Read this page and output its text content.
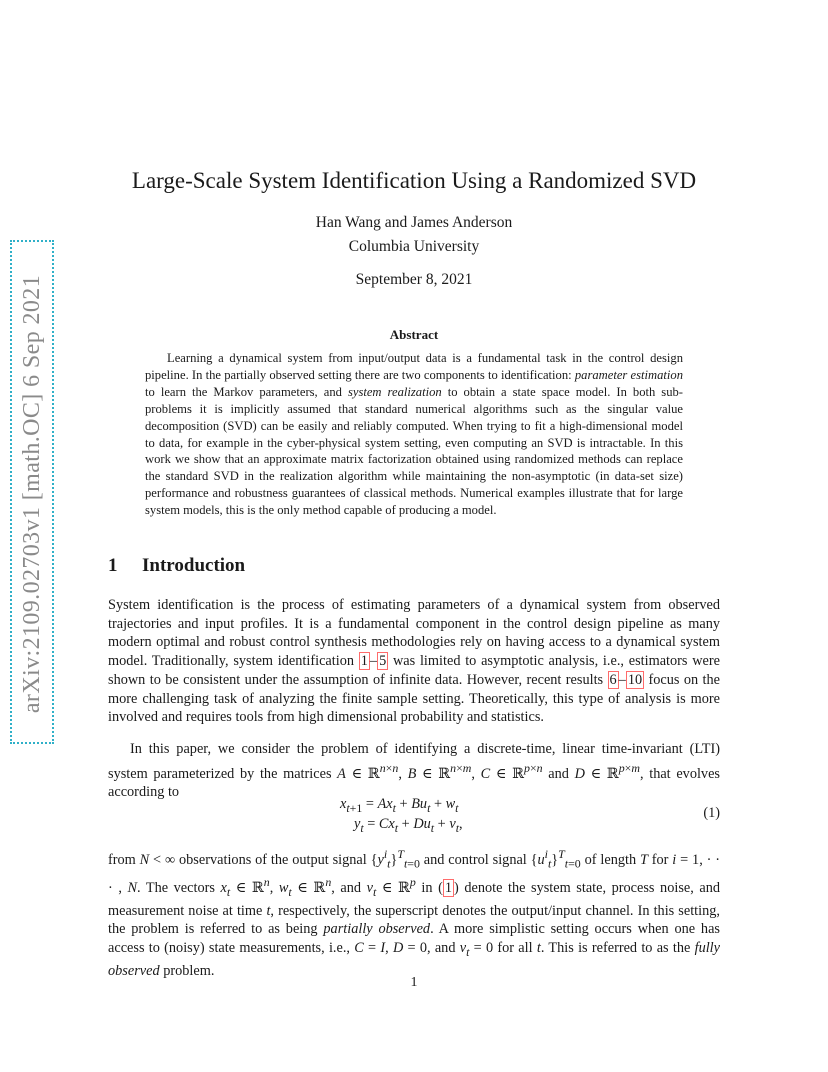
arXiv:2109.02703v1 [math.OC] 6 Sep 2021
Large-Scale System Identification Using a Randomized SVD
Han Wang and James Anderson
Columbia University
September 8, 2021
Abstract
Learning a dynamical system from input/output data is a fundamental task in the control design pipeline. In the partially observed setting there are two components to identification: parameter estimation to learn the Markov parameters, and system realization to obtain a state space model. In both sub-problems it is implicitly assumed that standard numerical algorithms such as the singular value decomposition (SVD) can be easily and reliably computed. When trying to fit a high-dimensional model to data, for example in the cyber-physical system setting, even computing an SVD is intractable. In this work we show that an approximate matrix factorization obtained using randomized methods can replace the standard SVD in the realization algorithm while maintaining the non-asymptotic (in data-set size) performance and robustness guarantees of classical methods. Numerical examples illustrate that for large system models, this is the only method capable of producing a model.
1 Introduction
System identification is the process of estimating parameters of a dynamical system from observed trajectories and input profiles. It is a fundamental component in the control design pipeline as many modern optimal and robust control synthesis methodologies rely on having access to a dynamical system model. Traditionally, system identification 1 – 5 was limited to asymptotic analysis, i.e., estimators were shown to be consistent under the assumption of infinite data. However, recent results 6 – 10 focus on the more challenging task of analyzing the finite sample setting. Theoretically, this type of analysis is more involved and requires tools from high dimensional probability and statistics.
In this paper, we consider the problem of identifying a discrete-time, linear time-invariant (LTI) system parameterized by the matrices A ∈ ℝ$^{n\times n}$, B ∈ ℝ$^{n\times m}$, C ∈ ℝ$^{p\times n}$ and D ∈ ℝ$^{p\times m}$, that evolves according to
$x_{t+1} = Ax_t + Bu_t + w_t$
$y_t = Cx_t + Du_t + v_t$,
(1)
from N < ∞ observations of the output signal $\{y^i_t\}^T_{t=0}$ and control signal $\{u^i_t\}^T_{t=0}$ of length T for i = 1, · · · , N. The vectors $x_t$ ∈ ℝ$^n$, $w_t$ ∈ ℝ$^n$, and $v_t$ ∈ ℝ$^p$ in ( 1 ) denote the system state, process noise, and measurement noise at time t, respectively, the superscript denotes the output/input channel. In this setting, the problem is referred to as being partially observed. A more simplistic setting occurs when one has access to (noisy) state measurements, i.e., C = I, D = 0, and $v_t = 0$ for all t. This is referred to as the fully observed problem.
1
